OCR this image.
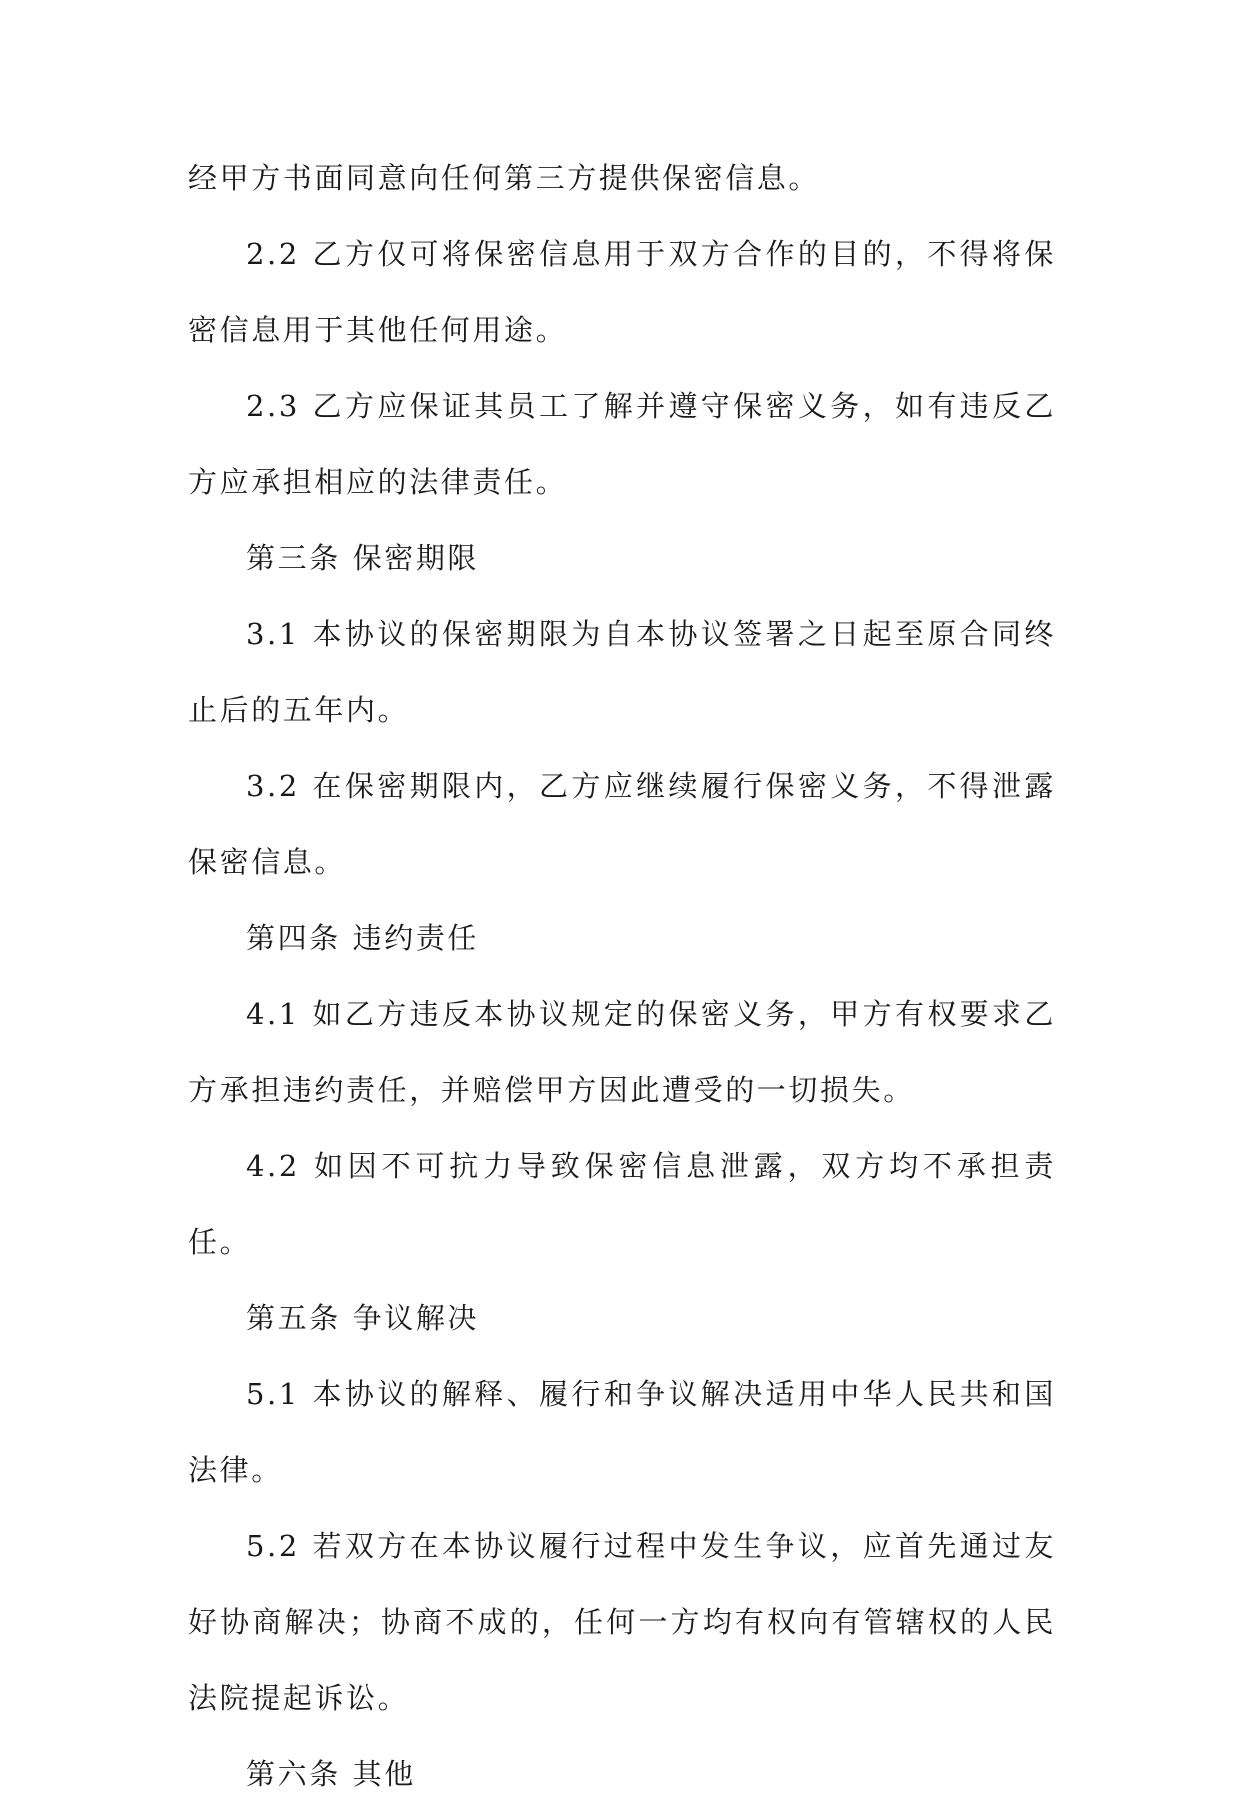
经甲方书面同意向任何第三方提供保密信息。

2.2 乙方仅可将保密信息用于双方合作的目的，不得将保密信息用于其他任何用途。

2.3 乙方应保证其员工了解并遵守保密义务，如有违反乙方应承担相应的法律责任。

第三条 保密期限

3.1 本协议的保密期限为自本协议签署之日起至原合同终止后的五年内。

3.2 在保密期限内，乙方应继续履行保密义务，不得泄露保密信息。

第四条 违约责任

4.1 如乙方违反本协议规定的保密义务，甲方有权要求乙方承担违约责任，并赔偿甲方因此遭受的一切损失。

4.2 如因不可抗力导致保密信息泄露，双方均不承担责任。

第五条 争议解决

5.1 本协议的解释、履行和争议解决适用中华人民共和国法律。

5.2 若双方在本协议履行过程中发生争议，应首先通过友好协商解决；协商不成的，任何一方均有权向有管辖权的人民法院提起诉讼。

第六条 其他
